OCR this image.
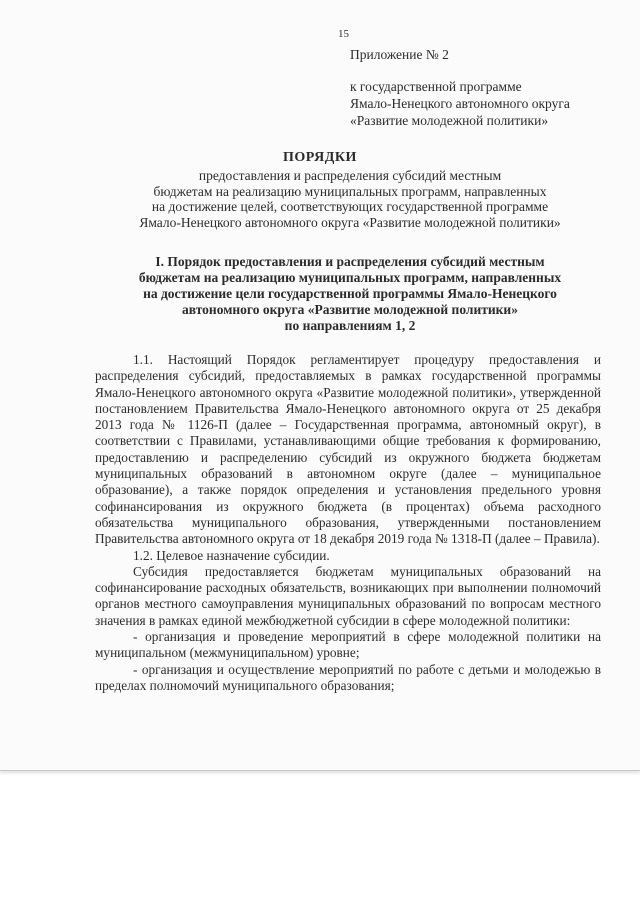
15
Приложение № 2
к государственной программе
Ямало-Ненецкого автономного округа
«Развитие молодежной политики»
ПОРЯДКИ
предоставления и распределения субсидий местным
бюджетам на реализацию муниципальных программ, направленных
на достижение целей, соответствующих государственной программе
Ямало-Ненецкого автономного округа «Развитие молодежной политики»
I. Порядок предоставления и распределения субсидий местным
бюджетам на реализацию муниципальных программ, направленных
на достижение цели государственной программы Ямало-Ненецкого
автономного округа «Развитие молодежной политики»
по направлениям 1, 2

1.1. Настоящий Порядок регламентирует процедуру предоставления и распределения субсидий, предоставляемых в рамках государственной программы Ямало-Ненецкого автономного округа «Развитие молодежной политики», утвержденной постановлением Правительства Ямало-Ненецкого автономного округа от 25 декабря 2013 года № 1126-П (далее – Государственная программа, автономный округ), в соответствии с Правилами, устанавливающими общие требования к формированию, предоставлению и распределению субсидий из окружного бюджета бюджетам муниципальных образований в автономном округе (далее – муниципальное образование), а также порядок определения и установления предельного уровня софинансирования из окружного бюджета (в процентах) объема расходного обязательства муниципального образования, утвержденными постановлением Правительства автономного округа от 18 декабря 2019 года № 1318-П (далее – Правила).

1.2. Целевое назначение субсидии.

Субсидия предоставляется бюджетам муниципальных образований на софинансирование расходных обязательств, возникающих при выполнении полномочий органов местного самоуправления муниципальных образований по вопросам местного значения в рамках единой межбюджетной субсидии в сфере молодежной политики:

- организация и проведение мероприятий в сфере молодежной политики на муниципальном (межмуниципальном) уровне;

- организация и осуществление мероприятий по работе с детьми и молодежью в пределах полномочий муниципального образования;
